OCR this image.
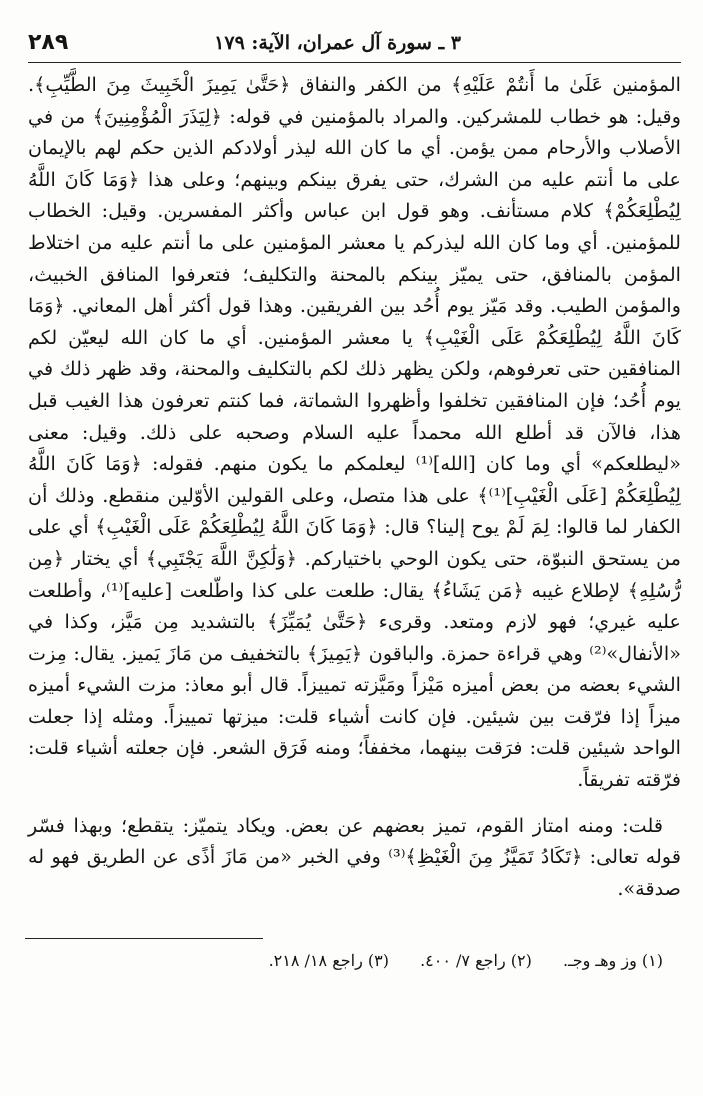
٣ ـ سورة آل عمران، الآية: ١٧٩
٢٨٩

المؤمنين عَلَىٰ ما أَنتُمْ عَلَيْهِ﴾ من الكفر والنفاق ﴿حَتَّىٰ يَمِيزَ الْخَبِيثَ مِنَ الطَّيِّبِ﴾. وقيل: هو خطاب للمشركين. والمراد بالمؤمنين في قوله: ﴿لِيَذَرَ الْمُؤْمِنِينَ﴾ من في الأصلاب والأرحام ممن يؤمن. أي ما كان الله ليذر أولادكم الذين حكم لهم بالإيمان على ما أنتم عليه من الشرك، حتى يفرق بينكم وبينهم؛ وعلى هذا ﴿وَمَا كَانَ اللَّهُ لِيُطْلِعَكُمْ﴾ كلام مستأنف. وهو قول ابن عباس وأكثر المفسرين. وقيل: الخطاب للمؤمنين. أي وما كان الله ليذركم يا معشر المؤمنين على ما أنتم عليه من اختلاط المؤمن بالمنافق، حتى يميّز بينكم بالمحنة والتكليف؛ فتعرفوا المنافق الخبيث، والمؤمن الطيب. وقد مَيّز يوم أُحُد بين الفريقين. وهذا قول أكثر أهل المعاني. ﴿وَمَا كَانَ اللَّهُ لِيُطْلِعَكُمْ عَلَى الْغَيْبِ﴾ يا معشر المؤمنين. أي ما كان الله ليعيّن لكم المنافقين حتى تعرفوهم، ولكن يظهر ذلك لكم بالتكليف والمحنة، وقد ظهر ذلك في يوم أُحُد؛ فإن المنافقين تخلفوا وأظهروا الشماتة، فما كنتم تعرفون هذا الغيب قبل هذا، فالآن قد أطلع الله محمداً عليه السلام وصحبه على ذلك. وقيل: معنى «ليطلعكم» أي وما كان [الله]⁽¹⁾ ليعلمكم ما يكون منهم. فقوله: ﴿وَمَا كَانَ اللَّهُ لِيُطْلِعَكُمْ [عَلَى الْغَيْبِ]⁽¹⁾﴾ على هذا متصل، وعلى القولين الأوّلين منقطع. وذلك أن الكفار لما قالوا: لِمَ لَمْ يوح إلينا؟ قال: ﴿وَمَا كَانَ اللَّهُ لِيُطْلِعَكُمْ عَلَى الْغَيْبِ﴾ أي على من يستحق النبوّة، حتى يكون الوحي باختياركم. ﴿وَلَٰكِنَّ اللَّهَ يَجْتَبِي﴾ أي يختار ﴿مِن رُّسُلِهِ﴾ لإطلاع غيبه ﴿مَن يَشَاءُ﴾ يقال: طلعت على كذا واطّلعت [عليه]⁽¹⁾، وأطلعت عليه غيري؛ فهو لازم ومتعد. وقرىء ﴿حَتَّىٰ يُمَيِّزَ﴾ بالتشديد مِن مَيَّز، وكذا في «الأنفال»⁽²⁾ وهي قراءة حمزة. والباقون ﴿يَمِيزَ﴾ بالتخفيف من مَازَ يَميز. يقال: مِزت الشيء بعضه من بعض أميزه مَيْزاً ومَيَّزته تمييزاً. قال أبو معاذ: مزت الشيء أميزه ميزاً إذا فرّقت بين شيئين. فإن كانت أشياء قلت: ميزتها تمييزاً. ومثله إذا جعلت الواحد شيئين قلت: فرَقت بينهما، مخففاً؛ ومنه فَرَق الشعر. فإن جعلته أشياء قلت: فرّقته تفريقاً.

قلت: ومنه امتاز القوم، تميز بعضهم عن بعض. ويكاد يتميّز: يتقطع؛ وبهذا فسّر قوله تعالى: ﴿تَكَادُ تَمَيَّزُ مِنَ الْغَيْظِ﴾⁽³⁾ وفي الخبر «من مَازَ أذًى عن الطريق فهو له صدقة».

(١) وز وهـ وجـ. (٢) راجع ٧/ ٤٠٠. (٣) راجع ١٨/ ٢١٨.
